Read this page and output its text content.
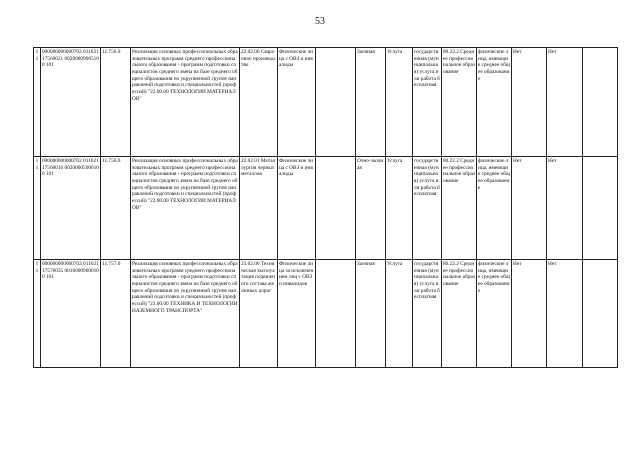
53
11	000000000000702 01162117560021 00200009005100 101	11.756.0	Реализация основных профессиональных образовательных программ среднего профессионального образования - программ подготовки специалистов среднего звена на базе среднего общего образования по укрупненной группе направлений подготовки и специальностей (профессий) "22.00.00 ТЕХНОЛОГИИ МАТЕРИАЛОВ"	22.02.06 Сварочное производство	Физические лица с ОВЗ и инвалиды		Заочная	Услуга	государственная (муниципальная) услуга или работа бесплатная	80.22.2 Среднее профессиональное образование	физические лица, имеющие среднее общее образование	Нет	Нет	
11	000000000000702 01162117560016 00200005006100 101	11.756.0	Реализация основных профессиональных образовательных программ среднего профессионального образования - программ подготовки специалистов среднего звена на базе среднего общего образования по укрупненной группе направлений подготовки и специальностей (профессий) "22.00.00 ТЕХНОЛОГИИ МАТЕРИАЛОВ"	22.02.01 Металлургия черных металлов	Физические лица с ОВЗ и инвалиды		Очно-заочная	Услуга	государственная (муниципальная) услуга или работа бесплатная	80.22.2 Среднее профессиональное образование	физические лица, имеющие среднее общее образование	Нет	Нет	
11	000000000000702 01162117570035 00100009000100 101	11.757.0	Реализация основных профессиональных образовательных программ среднего профессионального образования - программ подготовки специалистов среднего звена на базе среднего общего образования по укрупненной группе направлений подготовки и специальностей (профессий) "23.00.00 ТЕХНИКА И ТЕХНОЛОГИИ НАЗЕМНОГО ТРАНСПОРТА"	23.02.06 Техническая эксплуатация подвижного состава железных дорог	Физические лица за исключением лиц с ОВЗ и инвалидов		Заочная	Услуга	государственная (муниципальная) услуга или работа бесплатная	80.22.2 Среднее профессиональное образование	физические лица, имеющие среднее общее образование	Нет	Нет	
